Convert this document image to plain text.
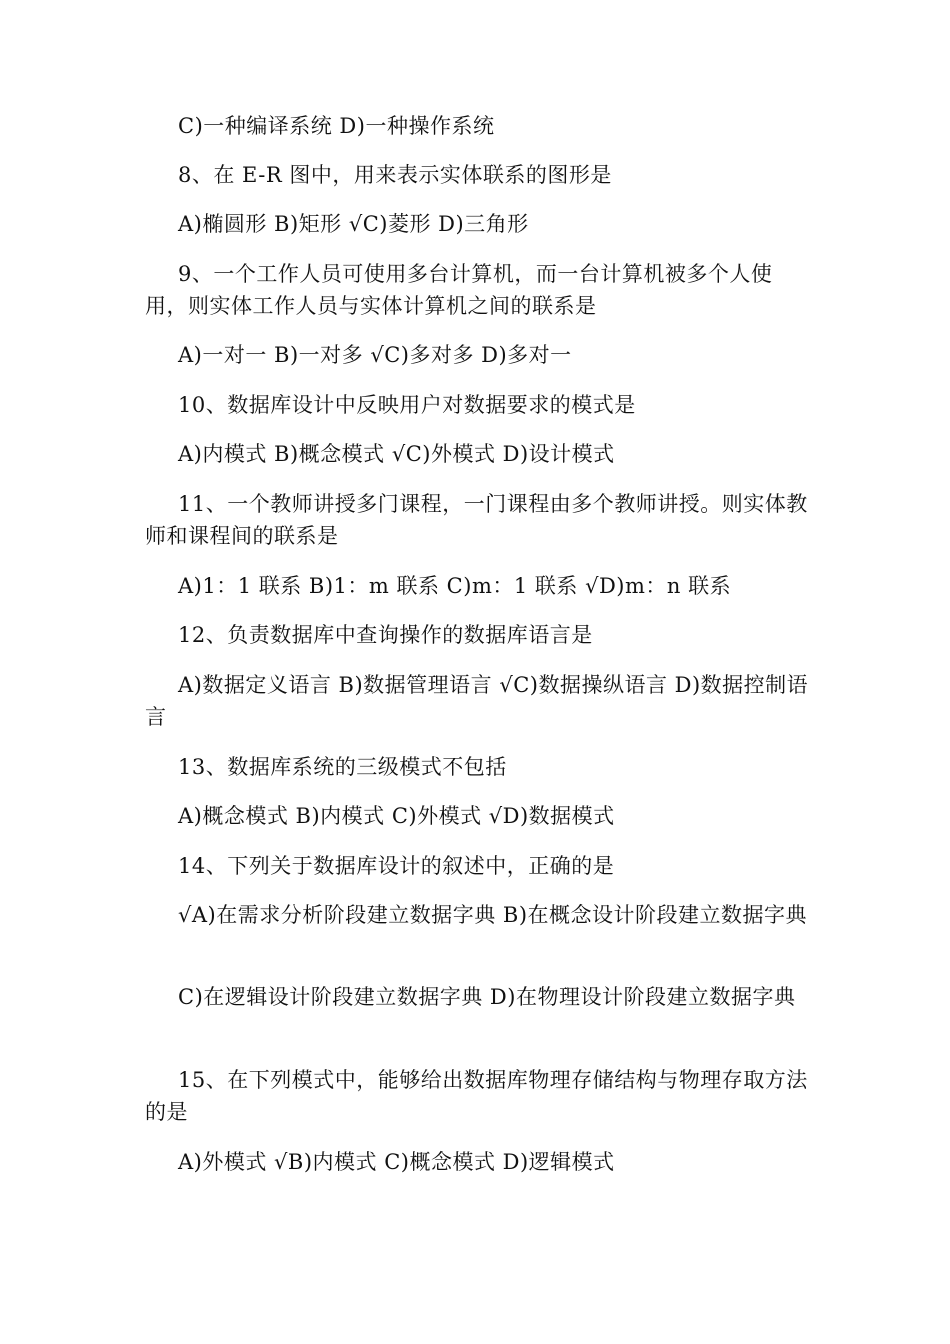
C)一种编译系统 D)一种操作系统
8、在 E-R 图中，用来表示实体联系的图形是
A)椭圆形 B)矩形 √C)菱形 D)三角形
9、一个工作人员可使用多台计算机，而一台计算机被多个人使用，则实体工作人员与实体计算机之间的联系是
A)一对一 B)一对多 √C)多对多 D)多对一
10、数据库设计中反映用户对数据要求的模式是
A)内模式 B)概念模式 √C)外模式 D)设计模式
11、一个教师讲授多门课程，一门课程由多个教师讲授。则实体教师和课程间的联系是
A)1：1 联系 B)1：m 联系 C)m：1 联系 √D)m：n 联系
12、负责数据库中查询操作的数据库语言是
A)数据定义语言 B)数据管理语言 √C)数据操纵语言 D)数据控制语言
13、数据库系统的三级模式不包括
A)概念模式 B)内模式 C)外模式 √D)数据模式
14、下列关于数据库设计的叙述中，正确的是
√A)在需求分析阶段建立数据字典 B)在概念设计阶段建立数据字典
C)在逻辑设计阶段建立数据字典 D)在物理设计阶段建立数据字典
15、在下列模式中，能够给出数据库物理存储结构与物理存取方法的是
A)外模式 √B)内模式 C)概念模式 D)逻辑模式
